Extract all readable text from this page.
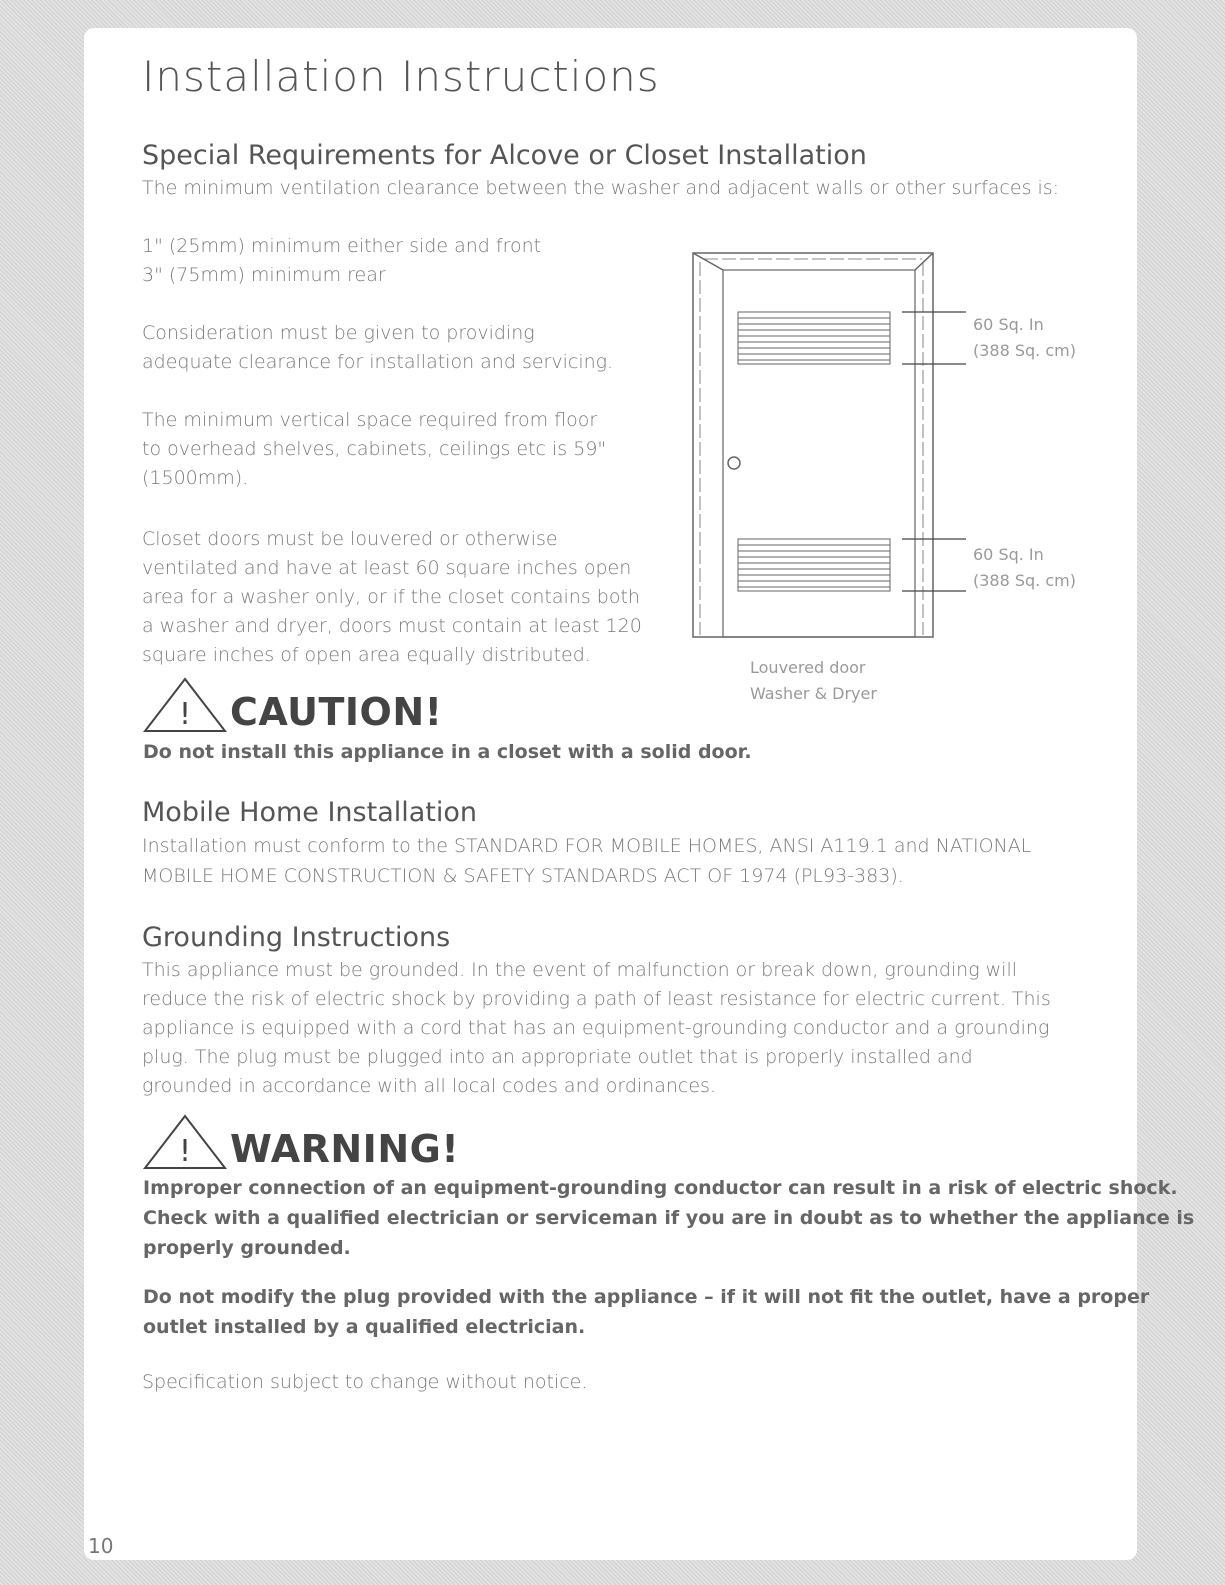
Installation Instructions
Special Requirements for Alcove or Closet Installation

The minimum ventilation clearance between the washer and adjacent walls or other surfaces is:

1" (25mm) minimum either side and front

3" (75mm) minimum rear

Consideration must be given to providing

adequate clearance for installation and servicing.

The minimum vertical space required from floor

to overhead shelves, cabinets, ceilings etc is 59"

(1500mm).

Closet doors must be louvered or otherwise

ventilated and have at least 60 square inches open

area for a washer only, or if the closet contains both

a washer and dryer, doors must contain at least 120

square inches of open area equally distributed.

60 Sq. In
(388 Sq. cm)
60 Sq. In
(388 Sq. cm)
Louvered door
Washer & Dryer
! CAUTION!
Do not install this appliance in a closet with a solid door.
Mobile Home Installation

Installation must conform to the STANDARD FOR MOBILE HOMES, ANSI A119.1 and NATIONAL

MOBILE HOME CONSTRUCTION & SAFETY STANDARDS ACT OF 1974 (PL93-383).

Grounding Instructions

This appliance must be grounded. In the event of malfunction or break down, grounding will

reduce the risk of electric shock by providing a path of least resistance for electric current. This

appliance is equipped with a cord that has an equipment-grounding conductor and a grounding

plug. The plug must be plugged into an appropriate outlet that is properly installed and

grounded in accordance with all local codes and ordinances.

! WARNING!
Improper connection of an equipment-grounding conductor can result in a risk of electric shock.
Check with a qualified electrician or serviceman if you are in doubt as to whether the appliance is
properly grounded.
Do not modify the plug provided with the appliance – if it will not fit the outlet, have a proper
outlet installed by a qualified electrician.

Specification subject to change without notice.

10
